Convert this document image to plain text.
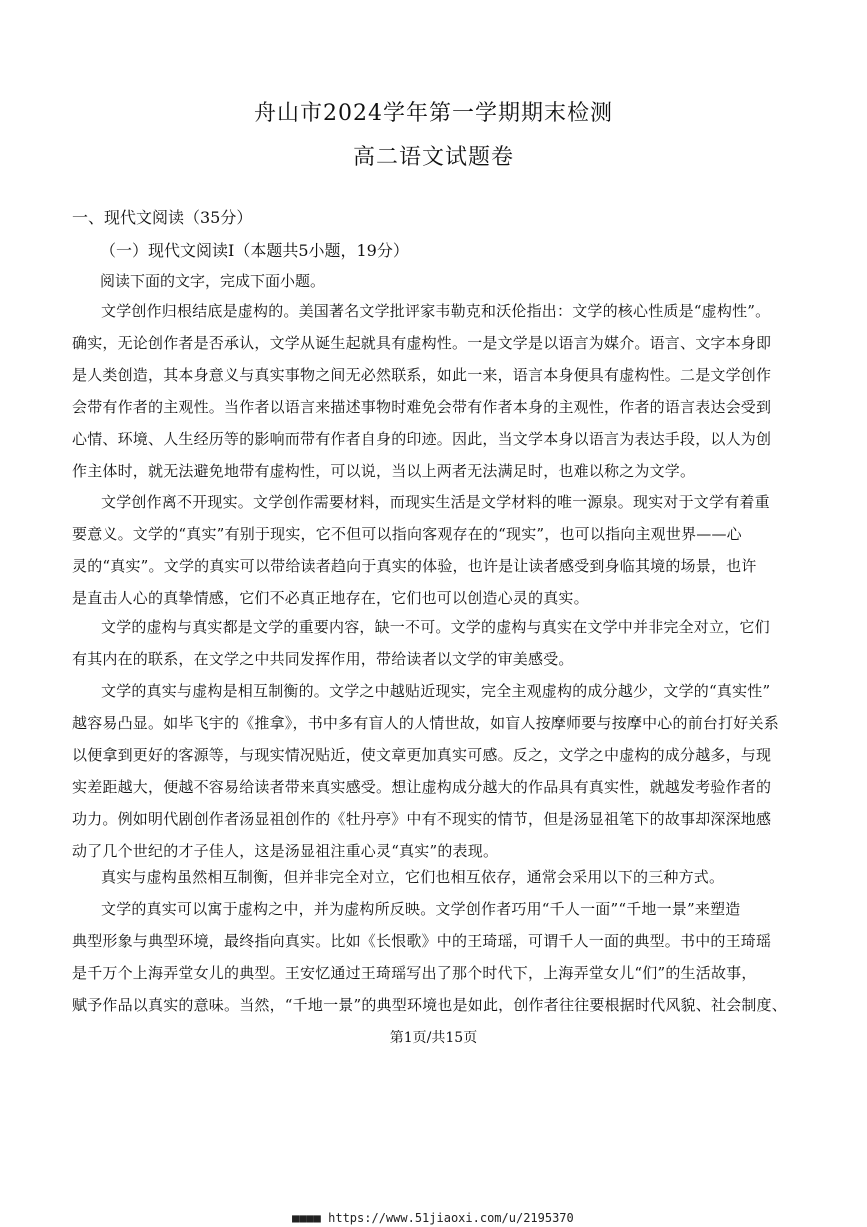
舟山市2024学年第一学期期末检测
高二语文试题卷
一、现代文阅读（35分）
（一）现代文阅读Ⅰ（本题共5小题，19分）
阅读下面的文字，完成下面小题。
文学创作归根结底是虚构的。美国著名文学批评家韦勒克和沃伦指出：文学的核心性质是“虚构性”。
确实，无论创作者是否承认，文学从诞生起就具有虚构性。一是文学是以语言为媒介。语言、文字本身即
是人类创造，其本身意义与真实事物之间无必然联系，如此一来，语言本身便具有虚构性。二是文学创作
会带有作者的主观性。当作者以语言来描述事物时难免会带有作者本身的主观性，作者的语言表达会受到
心情、环境、人生经历等的影响而带有作者自身的印迹。因此，当文学本身以语言为表达手段，以人为创
作主体时，就无法避免地带有虚构性，可以说，当以上两者无法满足时，也难以称之为文学。
文学创作离不开现实。文学创作需要材料，而现实生活是文学材料的唯一源泉。现实对于文学有着重
要意义。文学的“真实”有别于现实，它不但可以指向客观存在的“现实”，也可以指向主观世界——心
灵的“真实”。文学的真实可以带给读者趋向于真实的体验，也许是让读者感受到身临其境的场景，也许
是直击人心的真挚情感，它们不必真正地存在，它们也可以创造心灵的真实。
文学的虚构与真实都是文学的重要内容，缺一不可。文学的虚构与真实在文学中并非完全对立，它们
有其内在的联系，在文学之中共同发挥作用，带给读者以文学的审美感受。
文学的真实与虚构是相互制衡的。文学之中越贴近现实，完全主观虚构的成分越少，文学的“真实性”
越容易凸显。如毕飞宇的《推拿》，书中多有盲人的人情世故，如盲人按摩师要与按摩中心的前台打好关系
以便拿到更好的客源等，与现实情况贴近，使文章更加真实可感。反之，文学之中虚构的成分越多，与现
实差距越大，便越不容易给读者带来真实感受。想让虚构成分越大的作品具有真实性，就越发考验作者的
功力。例如明代剧创作者汤显祖创作的《牡丹亭》中有不现实的情节，但是汤显祖笔下的故事却深深地感
动了几个世纪的才子佳人，这是汤显祖注重心灵“真实”的表现。
真实与虚构虽然相互制衡，但并非完全对立，它们也相互依存，通常会采用以下的三种方式。
文学的真实可以寓于虚构之中，并为虚构所反映。文学创作者巧用“千人一面”“千地一景”来塑造
典型形象与典型环境，最终指向真实。比如《长恨歌》中的王琦瑶，可谓千人一面的典型。书中的王琦瑶
是千万个上海弄堂女儿的典型。王安忆通过王琦瑶写出了那个时代下，上海弄堂女儿“们”的生活故事，
赋予作品以真实的意味。当然，“千地一景”的典型环境也是如此，创作者往往要根据时代风貌、社会制度、
第1页/共15页
■■■■ https://www.51jiaoxi.com/u/2195370
